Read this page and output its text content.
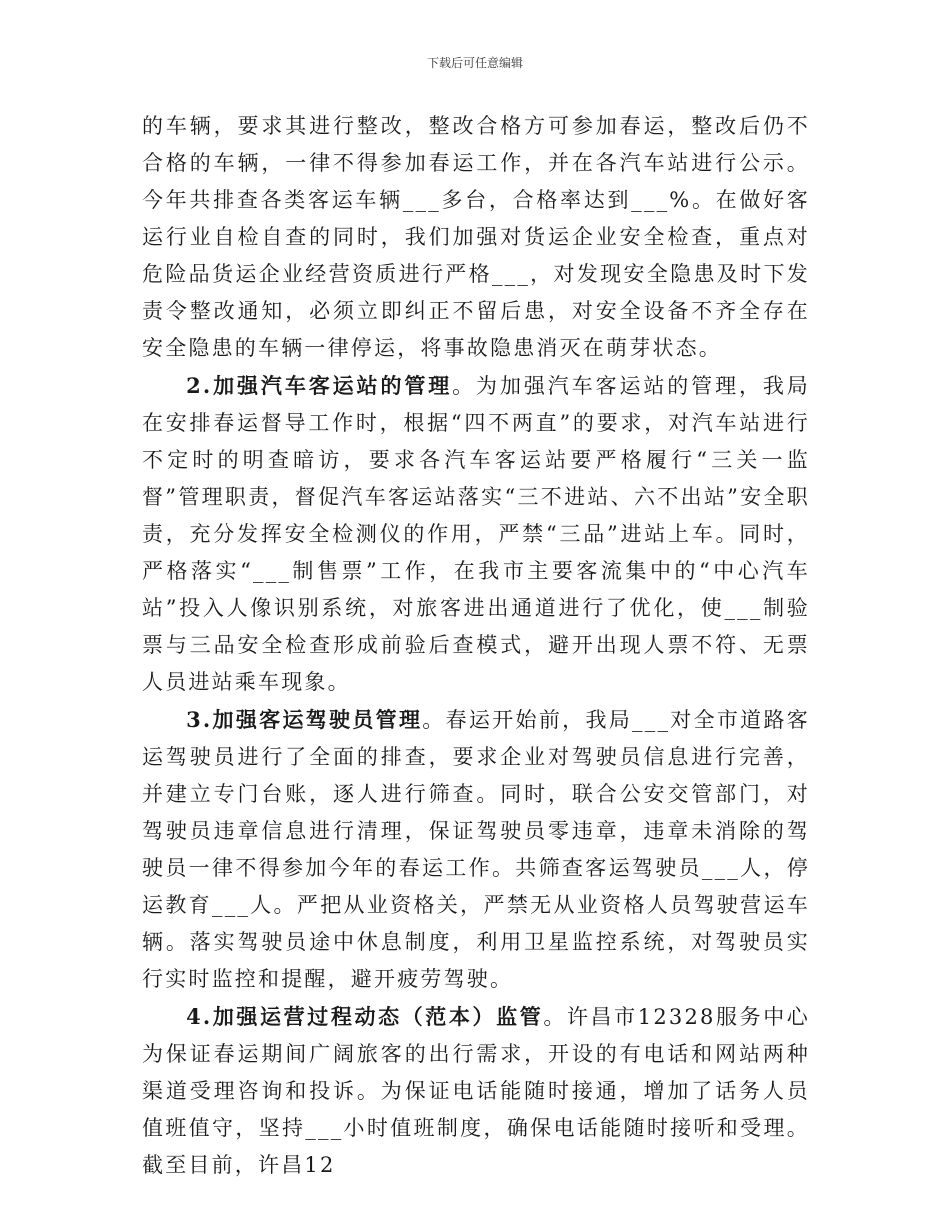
下载后可任意编辑

的车辆，要求其进行整改，整改合格方可参加春运，整改后仍不合格的车辆，一律不得参加春运工作，并在各汽车站进行公示。今年共排查各类客运车辆___多台，合格率达到___%。在做好客运行业自检自查的同时，我们加强对货运企业安全检查，重点对危险品货运企业经营资质进行严格___，对发现安全隐患及时下发责令整改通知，必须立即纠正不留后患，对安全设备不齐全存在安全隐患的车辆一律停运，将事故隐患消灭在萌芽状态。

2.加强汽车客运站的管理。为加强汽车客运站的管理，我局在安排春运督导工作时，根据“四不两直”的要求，对汽车站进行不定时的明查暗访，要求各汽车客运站要严格履行“三关一监督”管理职责，督促汽车客运站落实“三不进站、六不出站”安全职责，充分发挥安全检测仪的作用，严禁“三品”进站上车。同时，严格落实“___制售票”工作，在我市主要客流集中的“中心汽车站”投入人像识别系统，对旅客进出通道进行了优化，使___制验票与三品安全检查形成前验后查模式，避开出现人票不符、无票人员进站乘车现象。

3.加强客运驾驶员管理。春运开始前，我局___对全市道路客运驾驶员进行了全面的排查，要求企业对驾驶员信息进行完善，并建立专门台账，逐人进行筛查。同时，联合公安交管部门，对驾驶员违章信息进行清理，保证驾驶员零违章，违章未消除的驾驶员一律不得参加今年的春运工作。共筛查客运驾驶员___人，停运教育___人。严把从业资格关，严禁无从业资格人员驾驶营运车辆。落实驾驶员途中休息制度，利用卫星监控系统，对驾驶员实行实时监控和提醒，避开疲劳驾驶。

4.加强运营过程动态（范本）监管。许昌市12328服务中心为保证春运期间广阔旅客的出行需求，开设的有电话和网站两种渠道受理咨询和投诉。为保证电话能随时接通，增加了话务人员值班值守，坚持___小时值班制度，确保电话能随时接听和受理。截至目前，许昌12
